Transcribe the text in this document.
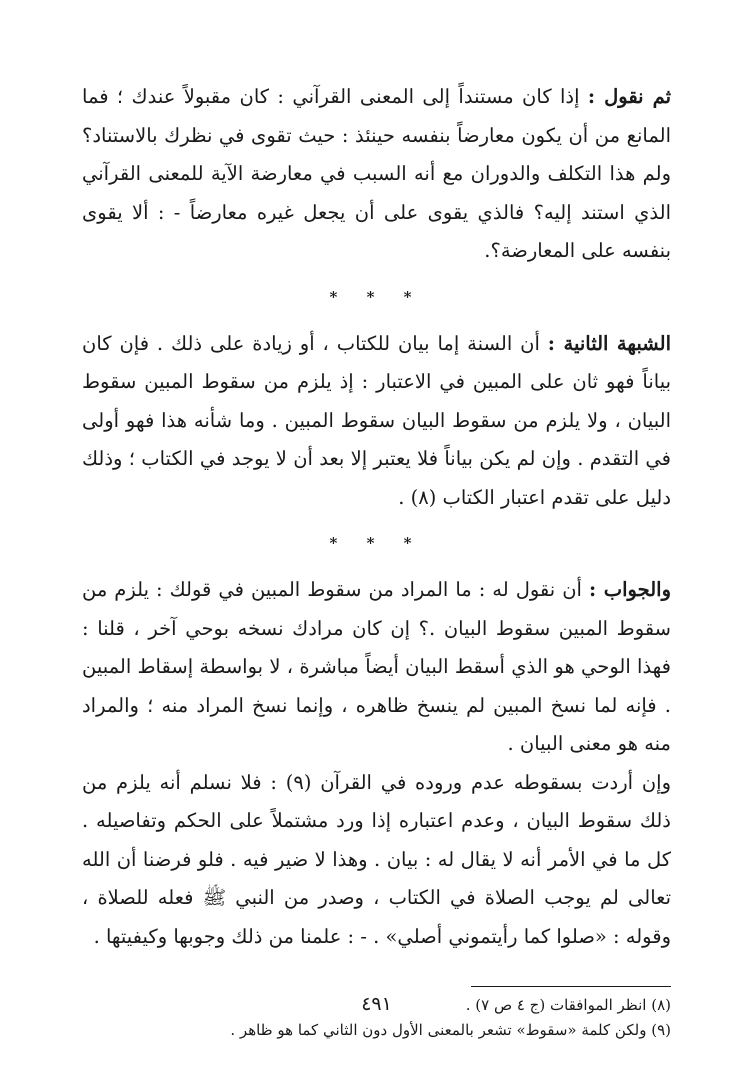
ثم نقول : إذا كان مستنداً إلى المعنى القرآني : كان مقبولاً عندك ؛ فما المانع من أن يكون معارضاً بنفسه حينئذ : حيث تقوى في نظرك بالاستناد؟ ولم هذا التكلف والدوران مع أنه السبب في معارضة الآية للمعنى القرآني الذي استند إليه؟ فالذي يقوى على أن يجعل غيره معارضاً - : ألا يقوى بنفسه على المعارضة؟.

* * *

الشبهة الثانية : أن السنة إما بيان للكتاب ، أو زيادة على ذلك . فإن كان بياناً فهو ثان على المبين في الاعتبار : إذ يلزم من سقوط المبين سقوط البيان ، ولا يلزم من سقوط البيان سقوط المبين . وما شأنه هذا فهو أولى في التقدم . وإن لم يكن بياناً فلا يعتبر إلا بعد أن لا يوجد في الكتاب ؛ وذلك دليل على تقدم اعتبار الكتاب (٨) .

* * *

والجواب : أن نقول له : ما المراد من سقوط المبين في قولك : يلزم من سقوط المبين سقوط البيان .؟ إن كان مرادك نسخه بوحي آخر ، قلنا : فهذا الوحي هو الذي أسقط البيان أيضاً مباشرة ، لا بواسطة إسقاط المبين . فإنه لما نسخ المبين لم ينسخ ظاهره ، وإنما نسخ المراد منه ؛ والمراد منه هو معنى البيان .

وإن أردت بسقوطه عدم وروده في القرآن (٩) : فلا نسلم أنه يلزم من ذلك سقوط البيان ، وعدم اعتباره إذا ورد مشتملاً على الحكم وتفاصيله . كل ما في الأمر أنه لا يقال له : بيان . وهذا لا ضير فيه . فلو فرضنا أن الله تعالى لم يوجب الصلاة في الكتاب ، وصدر من النبي ﷺ فعله للصلاة ، وقوله : «صلوا كما رأيتموني أصلي» . - : علمنا من ذلك وجوبها وكيفيتها .

(٨) انظر الموافقات (ج ٤ ص ٧) .

(٩) ولكن كلمة «سقوط» تشعر بالمعنى الأول دون الثاني كما هو ظاهر .

٤٩١
